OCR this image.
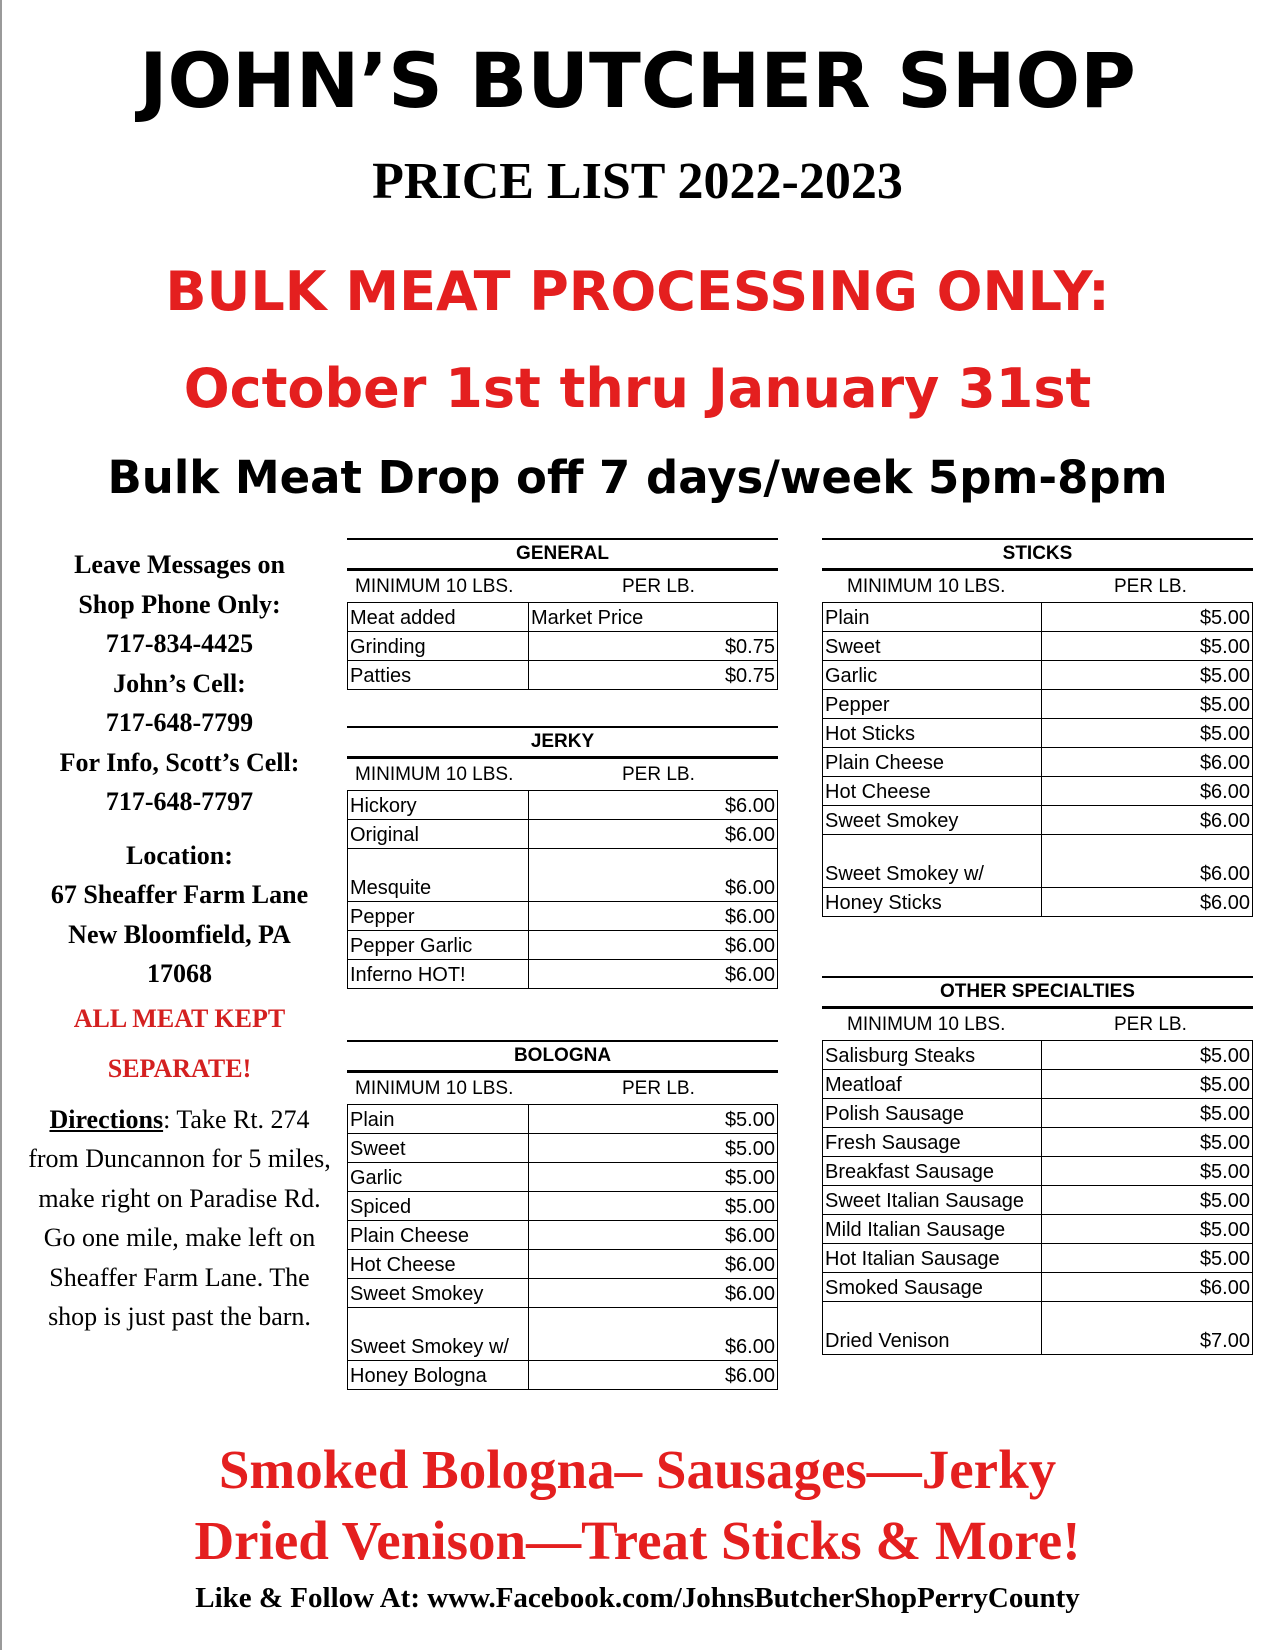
JOHN’S BUTCHER SHOP
PRICE LIST 2022-2023
BULK MEAT PROCESSING ONLY:
October 1st thru January 31st
Bulk Meat Drop off 7 days/week 5pm-8pm
Leave Messages on
Shop Phone Only:
717-834-4425
John’s Cell:
717-648-7799
For Info, Scott’s Cell:
717-648-7797
Location:
67 Sheaffer Farm Lane
New Bloomfield, PA
17068
ALL MEAT KEPT
SEPARATE!
Directions: Take Rt. 274 from Duncannon for 5 miles, make right on Paradise Rd. Go one mile, make left on Sheaffer Farm Lane. The shop is just past the barn.
GENERAL
MINIMUM 10 LBS.	PER LB.
Meat added	Market Price
Grinding	$0.75
Patties	$0.75
JERKY
MINIMUM 10 LBS.	PER LB.
Hickory	$6.00
Original	$6.00
Mesquite	$6.00
Pepper	$6.00
Pepper Garlic	$6.00
Inferno HOT!	$6.00
BOLOGNA
MINIMUM 10 LBS.	PER LB.
Plain	$5.00
Sweet	$5.00
Garlic	$5.00
Spiced	$5.00
Plain Cheese	$6.00
Hot Cheese	$6.00
Sweet Smokey	$6.00
Sweet Smokey w/	$6.00
Honey Bologna	$6.00
STICKS
MINIMUM 10 LBS.	PER LB.
Plain	$5.00
Sweet	$5.00
Garlic	$5.00
Pepper	$5.00
Hot Sticks	$5.00
Plain Cheese	$6.00
Hot Cheese	$6.00
Sweet Smokey	$6.00
Sweet Smokey w/	$6.00
Honey Sticks	$6.00
OTHER SPECIALTIES
MINIMUM 10 LBS.	PER LB.
Salisburg Steaks	$5.00
Meatloaf	$5.00
Polish Sausage	$5.00
Fresh Sausage	$5.00
Breakfast Sausage	$5.00
Sweet Italian Sausage	$5.00
Mild Italian Sausage	$5.00
Hot Italian Sausage	$5.00
Smoked Sausage	$6.00
Dried Venison	$7.00
Smoked Bologna– Sausages—Jerky
Dried Venison—Treat Sticks & More!
Like & Follow At: www.Facebook.com/JohnsButcherShopPerryCounty
